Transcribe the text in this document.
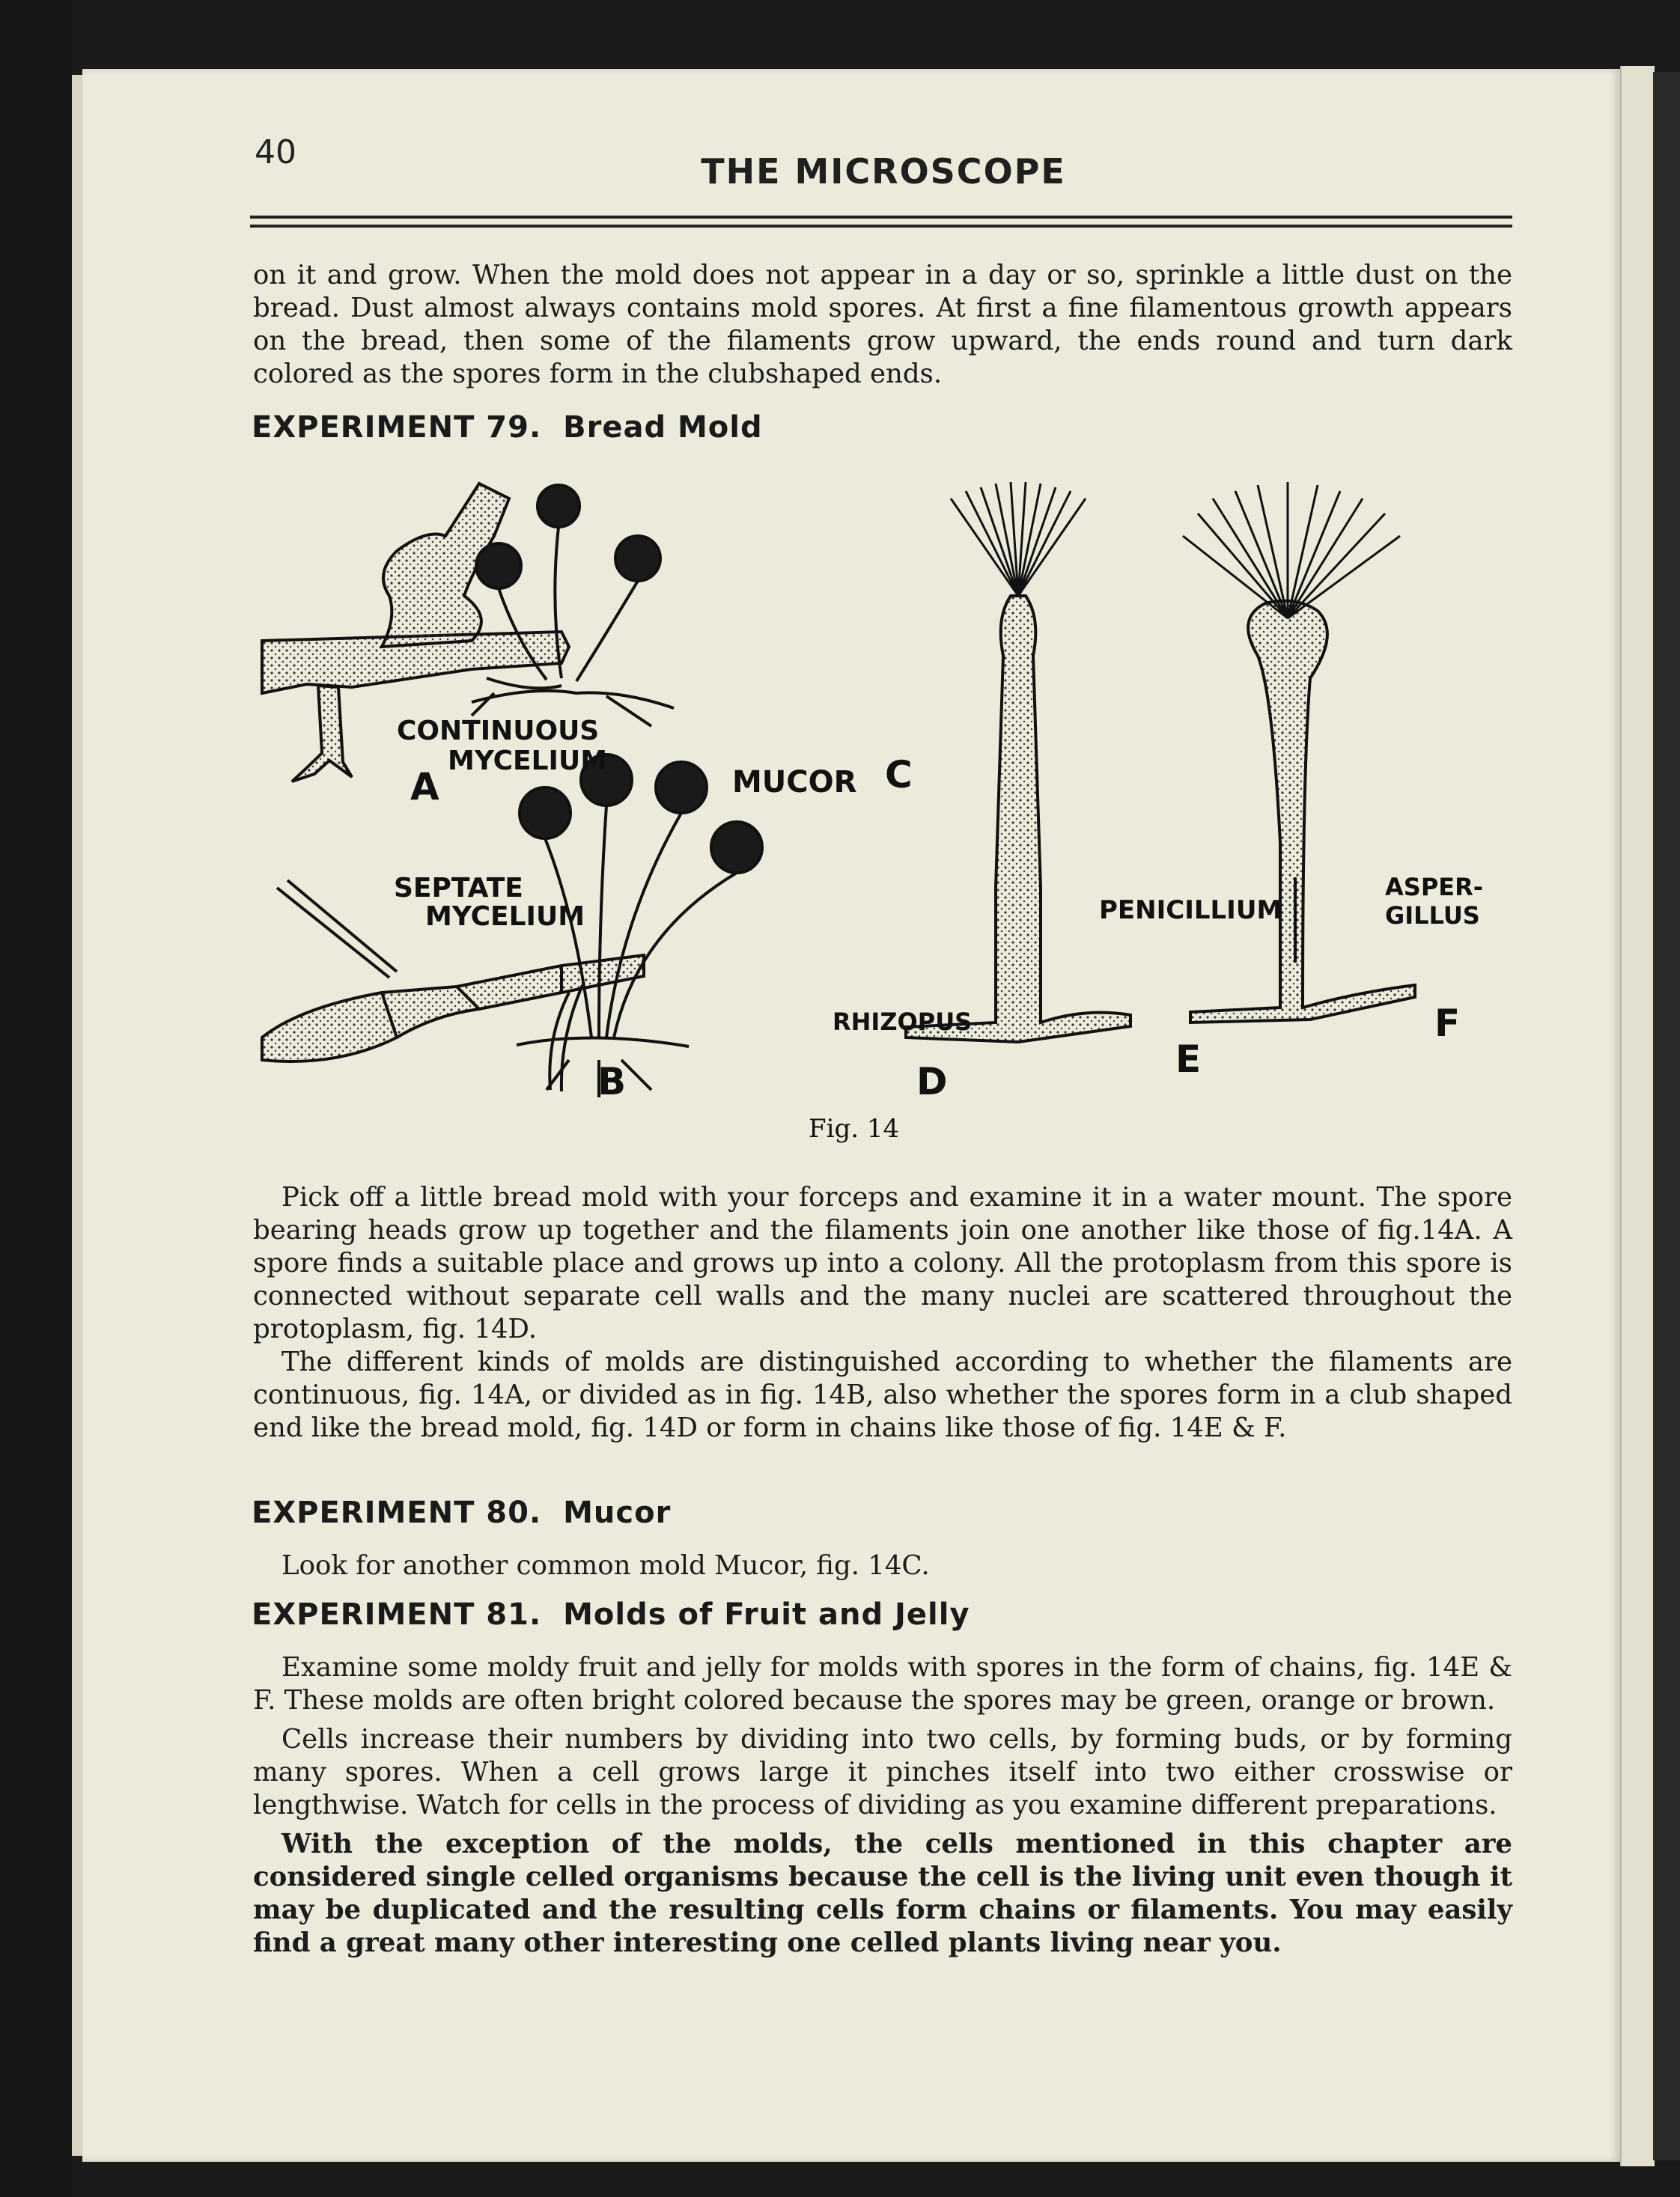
40	THE MICROSCOPE

on it and grow. When the mold does not appear in a day or so, sprinkle a little dust on the bread. Dust almost always contains mold spores. At first a fine filamentous growth appears on the bread, then some of the filaments grow upward, the ends round and turn dark colored as the spores form in the clubshaped ends.

EXPERIMENT 79. Bread Mold
CONTINUOUS
MYCELIUM
A
SEPTATE
MYCELIUM
B
MUCOR C
RHIZOPUS
D
PENICILLIUM
E
ASPER-
GILLUS
F
Fig. 14

Pick off a little bread mold with your forceps and examine it in a water mount. The spore bearing heads grow up together and the filaments join one another like those of fig.14A. A spore finds a suitable place and grows up into a colony. All the protoplasm from this spore is connected without separate cell walls and the many nuclei are scattered throughout the protoplasm, fig. 14D.

The different kinds of molds are distinguished according to whether the filaments are continuous, fig. 14A, or divided as in fig. 14B, also whether the spores form in a club shaped end like the bread mold, fig. 14D or form in chains like those of fig. 14E & F.

EXPERIMENT 80. Mucor

Look for another common mold Mucor, fig. 14C.

EXPERIMENT 81. Molds of Fruit and Jelly

Examine some moldy fruit and jelly for molds with spores in the form of chains, fig. 14E & F. These molds are often bright colored because the spores may be green, orange or brown.

Cells increase their numbers by dividing into two cells, by forming buds, or by forming many spores. When a cell grows large it pinches itself into two either crosswise or lengthwise. Watch for cells in the process of dividing as you examine different preparations.

With the exception of the molds, the cells mentioned in this chapter are considered single celled organisms because the cell is the living unit even though it may be duplicated and the resulting cells form chains or filaments. You may easily find a great many other interesting one celled plants living near you.
